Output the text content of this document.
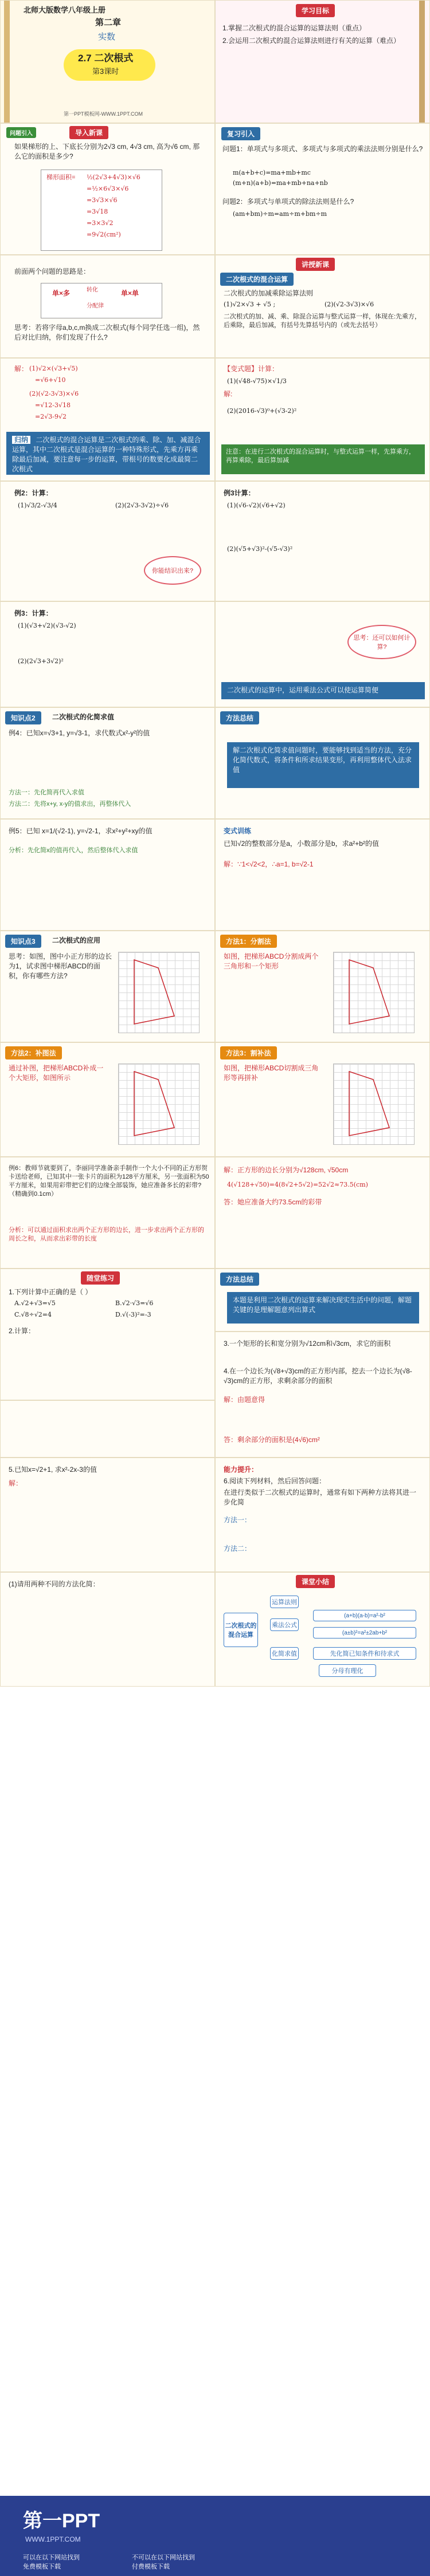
北师大版数学八年级上册
第二章
实数
2.7 二次根式
第3课时
第一PPT模板网-WWW.1PPT.COM
学习目标
1.掌握二次根式的混合运算的运算法则（重点）
2.会运用二次根式的混合运算法则进行有关的运算（难点）
问题引入	导入新课
如果梯形的上、下底长分别为2√3 cm, 4√3 cm, 高为√6 cm, 那么它的面积是多少?
梯形面积= ½(2√3+4√3)×√6
=½×6√3×√6
=3√3×√6
=3√18
=3×3√2
=9√2(cm²)
复习引入
问题1：单项式与多项式、多项式与多项式的乘法法则分别是什么?
m(a+b+c)=ma+mb+mc
(m+n)(a+b)=ma+mb+na+nb
问题2：多项式与单项式的除法法则是什么?
(am+bm)÷m=am÷m+bm÷m
前面两个问题的思路是：
单×多	转化	单×单
分配律
思考：若将字母a,b,c,m换成二次根式(每个同学任选一组)，然后对比归纳，你们发现了什么?
讲授新课
二次根式的混合运算
二次根式的加减乘除运算法则
(1)√2×√3 + √5 ;	(2)(√2-3√3)×√6
二次根式的加、减、乘、除混合运算与整式运算一样，体现在:先乘方，后乘除，最后加减，有括号先算括号内的（或先去括号）
解： (1)√2×(√3+√5)
=√6+√10
(2)(√2-3√3)×√6
=√12-3√18
=2√3-9√2
归纳 二次根式的混合运算是二次根式的乘、除、加、减混合运算，其中二次根式是混合运算的一种特殊形式，先乘方再乘除最后加减，要注意每一步的运算，带根号的数要化成最简二次根式
【变式题】计算：
(1)(√48-√75)×√1/3
(2)(2016-√3)⁰+(√3-2)²
解:
注意：在进行二次根式的混合运算时，与整式运算一样，先算乘方，再算乘除，最后算加减
例2：计算：
(1)√3/2-√3/4	(2)(2√3-3√2)÷√6
你能结识出来?
例3计算：
(1)(√6-√2)(√6+√2)
(2)(√5+√3)²-(√5-√3)²
例3：计算：
(1)(√3+√2)(√3-√2)
(2)(2√3+3√2)²
思考：还可以如何计算?
二次根式的运算中，运用乘法公式可以使运算简便
知识点2	二次根式的化简求值
例4：已知x=√3+1, y=√3-1，求代数式x²-y²的值
方法一：先化简再代入求值
方法二：先将x+y, x-y的值求出，再整体代入
方法总结
解二次根式化简求值问题时，要能够找到适当的方法，充分化简代数式，将条件和所求结果变形，再利用整体代入法求值
例5：已知 x=1/(√2-1), y=√2-1，求x²+y²+xy的值
分析：先化简x的值再代入，然后整体代入求值
变式训练
已知√2的整数部分是a，小数部分是b，求a²+b²的值
解：∵1<√2<2，∴a=1, b=√2-1
知识点3	二次根式的应用
思考：如图，图中小正方形的边长为1，试求图中梯形ABCD的面积，你有哪些方法?
方法1：分割法
如图，把梯形ABCD分割成两个三角形和一个矩形
方法2：补图法
通过补图，把梯形ABCD补成一个大矩形，如图所示
方法3：割补法
如图，把梯形ABCD切割成三角形等再拼补
例6：教师节就要到了，李丽同学准备亲手制作一个大小不同的正方形贺卡送给老师，已知其中一张卡片的面积为128平方厘米，另一张面积为50平方厘米，如果用彩带把它们的边缘全部装饰，她应准备多长的彩带?（精确到0.1cm）
分析：可以通过面积求出两个正方形的边长，进一步求出两个正方形的周长之和，从而求出彩带的长度
解：正方形的边长分别为√128cm, √50cm
4(√128+√50)=4(8√2+5√2)=52√2≈73.5(cm)
答：她应准备大约73.5cm的彩带
方法总结
本题是利用二次根式的运算来解决现实生活中的问题，解题关键的是理解题意列出算式
随堂练习
1.下列计算中正确的是（ ）
A.√2+√3=√5	B.√2·√3=√6
C.√8÷√2=4	D.√(-3)²=-3
2.计算：
3.一个矩形的长和宽分别为√12cm和√3cm，求它的面积
4.在一个边长为(√8+√3)cm的正方形内部，挖去一个边长为(√8-√3)cm的正方形，求剩余部分的面积
解：由题意得
答：剩余部分的面积是(4√6)cm²
5.已知x=√2+1, 求x²-2x-3的值
解：
能力提升：
6.阅读下列材料，然后回答问题：
在进行类似于二次根式的运算时，通常有如下两种方法将其进一步化简
方法一：
方法二：
(1)请用两种不同的方法化简：	课堂小结
二次根式的混合运算
运算法则
乘法公式
化简求值
分母有理化
(a+b)(a-b)=a²-b²
(a±b)²=a²±2ab+b²
先化简已知条件和待求式
第一PPT
WWW.1PPT.COM
可以在以下网站找到
免费模板下载
不可以在以下网站找到
付费模板下载
